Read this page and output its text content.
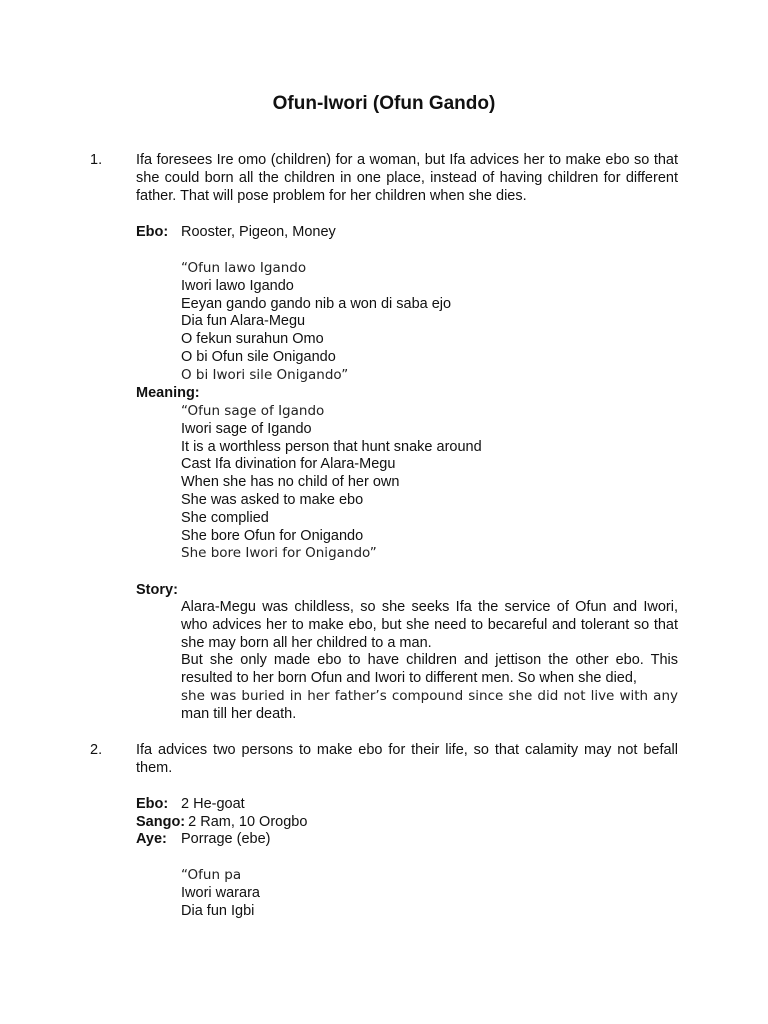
Ofun-Iwori (Ofun Gando)
1. Ifa foresees Ire omo (children) for a woman, but Ifa advices her to make ebo so that she could born all the children in one place, instead of having children for different father. That will pose problem for her children when she dies.
Ebo: Rooster, Pigeon, Money
“Ofun lawo Igando
Iwori lawo Igando
Eeyan gando gando nib a won di saba ejo
Dia fun Alara-Megu
O fekun surahun Omo
O bi Ofun sile Onigando
O bi Iwori sile Onigando”
Meaning:
“Ofun sage of Igando
Iwori sage of Igando
It is a worthless person that hunt snake around
Cast Ifa divination for Alara-Megu
When she has no child of her own
She was asked to make ebo
She complied
She bore Ofun for Onigando
She bore Iwori for Onigando”
Story:

Alara-Megu was childless, so she seeks Ifa the service of Ofun and Iwori, who advices her to make ebo, but she need to becareful and tolerant so that she may born all her childred to a man.

But she only made ebo to have children and jettison the other ebo. This resulted to her born Ofun and Iwori to different men. So when she died,

she was buried in her father’s compound since she did not live with any

man till her death.

2. Ifa advices two persons to make ebo for their life, so that calamity may not befall them.
Ebo: 2 He-goat
Sango: 2 Ram, 10 Orogbo
Aye: Porrage (ebe)
“Ofun pa
Iwori warara
Dia fun Igbi
